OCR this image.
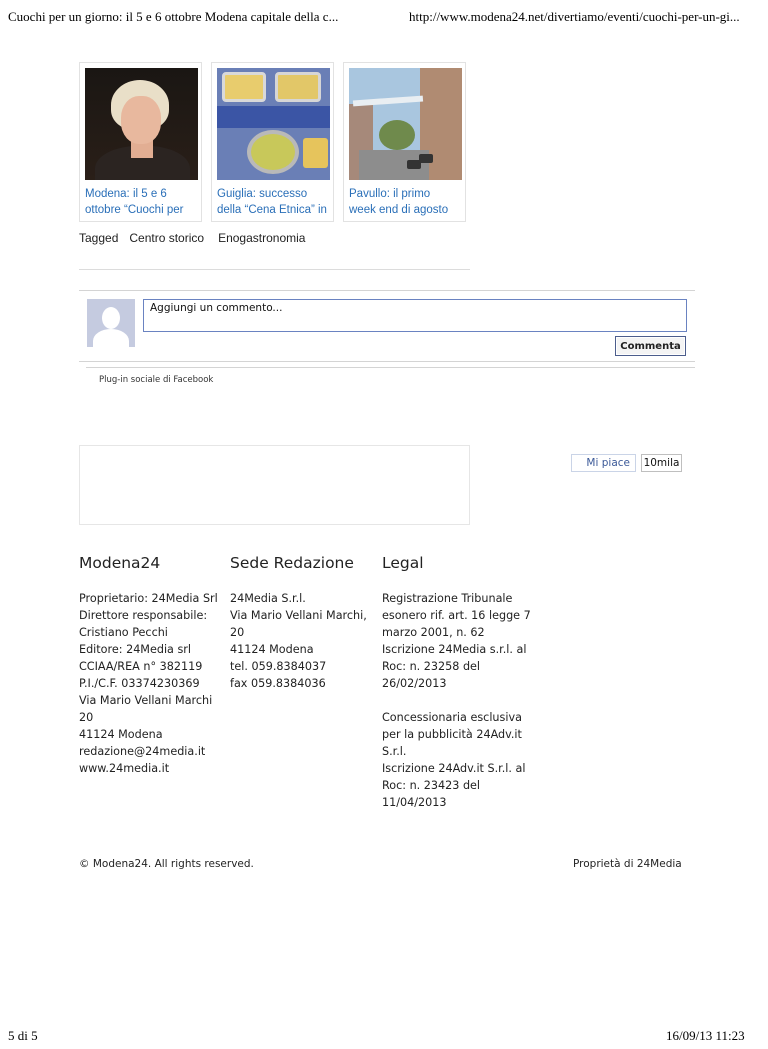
Cuochi per un giorno: il 5 e 6 ottobre Modena capitale della c...	http://www.modena24.net/divertiamo/eventi/cuochi-per-un-gi...
Modena: il 5 e 6 ottobre “Cuochi per
Guiglia: successo della “Cena Etnica” in
Pavullo: il primo week end di agosto
Tagged Centro storico Enogastronomia
Aggiungi un commento...
Commenta
Plug-in sociale di Facebook
Mi piace	10mila
Modena24
Proprietario: 24Media Srl
Direttore responsabile:
Cristiano Pecchi
Editore: 24Media srl
CCIAA/REA n° 382119
P.I./C.F. 03374230369
Via Mario Vellani Marchi
20
41124 Modena
redazione@24media.it
www.24media.it
Sede Redazione
24Media S.r.l.
Via Mario Vellani Marchi,
20
41124 Modena
tel. 059.8384037
fax 059.8384036
Legal
Registrazione Tribunale
esonero rif. art. 16 legge 7
marzo 2001, n. 62
Iscrizione 24Media s.r.l. al
Roc: n. 23258 del
26/02/2013
Concessionaria esclusiva
per la pubblicità 24Adv.it
S.r.l.
Iscrizione 24Adv.it S.r.l. al
Roc: n. 23423 del
11/04/2013
© Modena24. All rights reserved.	Proprietà di 24Media
5 di 5	16/09/13 11:23
